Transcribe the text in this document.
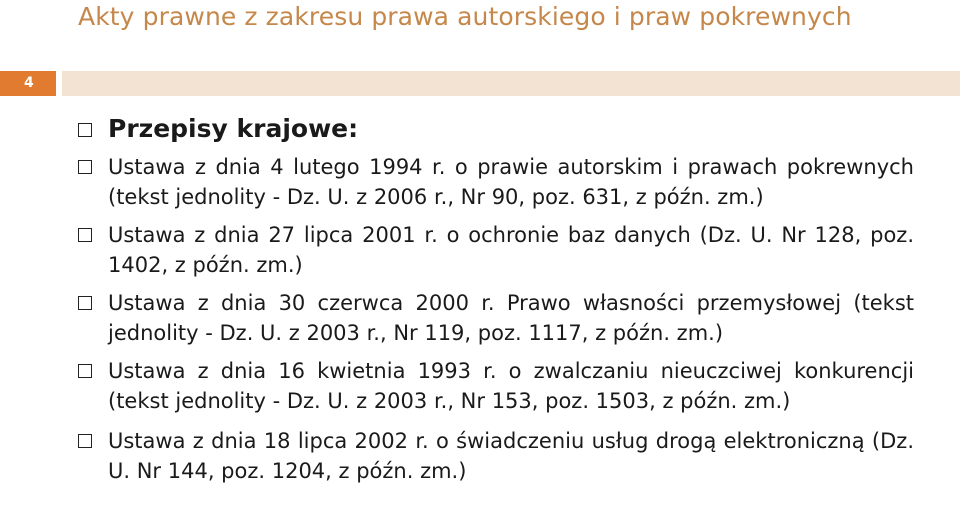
Akty prawne z zakresu prawa autorskiego i praw pokrewnych
4
Przepisy krajowe:
Ustawa z dnia 4 lutego 1994 r. o prawie autorskim i prawach pokrewnych (tekst jednolity - Dz. U. z 2006 r., Nr 90, poz. 631, z późn. zm.)
Ustawa z dnia 27 lipca 2001 r. o ochronie baz danych (Dz. U. Nr 128, poz. 1402, z późn. zm.)
Ustawa z dnia 30 czerwca 2000 r. Prawo własności przemysłowej (tekst jednolity - Dz. U. z 2003 r., Nr 119, poz. 1117, z późn. zm.)
Ustawa z dnia 16 kwietnia 1993 r. o zwalczaniu nieuczciwej konkurencji (tekst jednolity - Dz. U. z 2003 r., Nr 153, poz. 1503, z późn. zm.)
Ustawa z dnia 18 lipca 2002 r. o świadczeniu usług drogą elektroniczną (Dz. U. Nr 144, poz. 1204, z późn. zm.)
